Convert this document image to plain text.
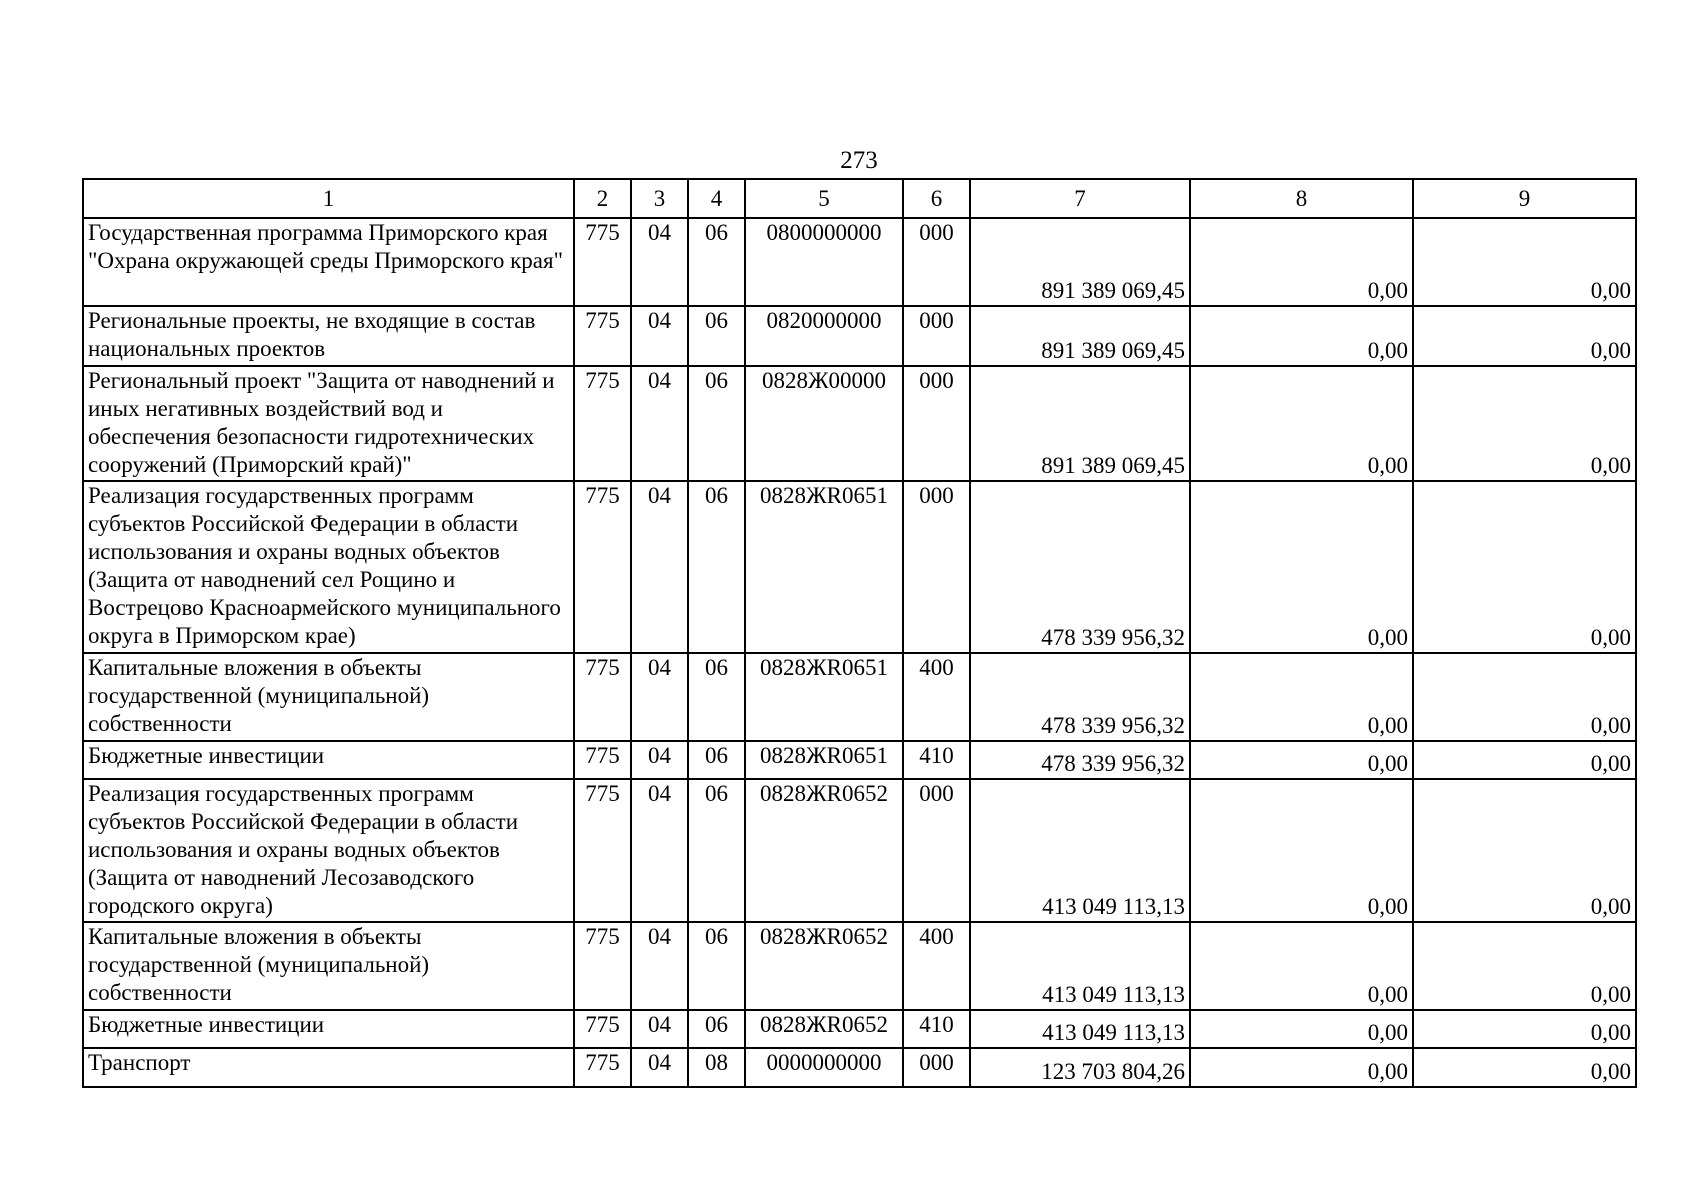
273
1	2	3	4	5	6	7	8	9
Государственная программа Приморского края "Охрана окружающей среды Приморского края"	775	04	06	0800000000	000	891 389 069,45	0,00	0,00
Региональные проекты, не входящие в состав национальных проектов	775	04	06	0820000000	000	891 389 069,45	0,00	0,00
Региональный проект "Защита от наводнений и иных негативных воздействий вод и обеспечения безопасности гидротехнических сооружений (Приморский край)"	775	04	06	0828Ж00000	000	891 389 069,45	0,00	0,00
Реализация государственных программ субъектов Российской Федерации в области использования и охраны водных объектов (Защита от наводнений сел Рощино и Вострецово Красноармейского муниципального округа в Приморском крае)	775	04	06	0828ЖR0651	000	478 339 956,32	0,00	0,00
Капитальные вложения в объекты государственной (муниципальной) собственности	775	04	06	0828ЖR0651	400	478 339 956,32	0,00	0,00
Бюджетные инвестиции	775	04	06	0828ЖR0651	410	478 339 956,32	0,00	0,00
Реализация государственных программ субъектов Российской Федерации в области использования и охраны водных объектов (Защита от наводнений Лесозаводского городского округа)	775	04	06	0828ЖR0652	000	413 049 113,13	0,00	0,00
Капитальные вложения в объекты государственной (муниципальной) собственности	775	04	06	0828ЖR0652	400	413 049 113,13	0,00	0,00
Бюджетные инвестиции	775	04	06	0828ЖR0652	410	413 049 113,13	0,00	0,00
Транспорт	775	04	08	0000000000	000	123 703 804,26	0,00	0,00
